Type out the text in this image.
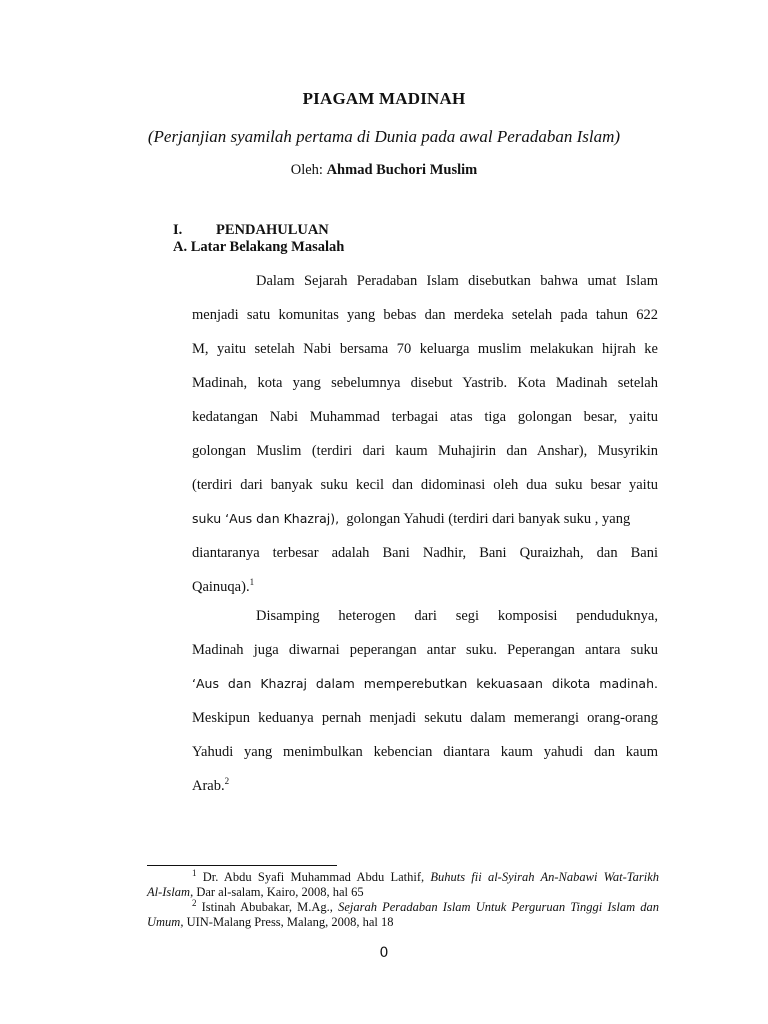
PIAGAM MADINAH
(Perjanjian syamilah pertama di Dunia pada awal Peradaban Islam)
Oleh: Ahmad Buchori Muslim
I. PENDAHULUAN
A. Latar Belakang Masalah
Dalam Sejarah Peradaban Islam disebutkan bahwa umat Islam
menjadi satu komunitas yang bebas dan merdeka setelah pada tahun 622
M, yaitu setelah Nabi bersama 70 keluarga muslim melakukan hijrah ke
Madinah, kota yang sebelumnya disebut Yastrib. Kota Madinah setelah
kedatangan Nabi Muhammad terbagai atas tiga golongan besar, yaitu
golongan Muslim (terdiri dari kaum Muhajirin dan Anshar), Musyrikin
(terdiri dari banyak suku kecil dan didominasi oleh dua suku besar yaitu
suku ‘Aus dan Khazraj), golongan Yahudi (terdiri dari banyak suku , yang
diantaranya terbesar adalah Bani Nadhir, Bani Quraizhah, dan Bani
Qainuqa).$^1$
Disamping heterogen dari segi komposisi penduduknya,
Madinah juga diwarnai peperangan antar suku. Peperangan antara suku
‘Aus dan Khazraj dalam memperebutkan kekuasaan dikota madinah.
Meskipun keduanya pernah menjadi sekutu dalam memerangi orang-orang
Yahudi yang menimbulkan kebencian diantara kaum yahudi dan kaum
Arab.$^2$
$^1$ Dr. Abdu Syafi Muhammad Abdu Lathif, Buhuts fii al-Syirah An-Nabawi Wat-Tarikh
Al-Islam, Dar al-salam, Kairo, 2008, hal 65
$^2$ Istinah Abubakar, M.Ag., Sejarah Peradaban Islam Untuk Perguruan Tinggi Islam dan
Umum, UIN-Malang Press, Malang, 2008, hal 18
0
